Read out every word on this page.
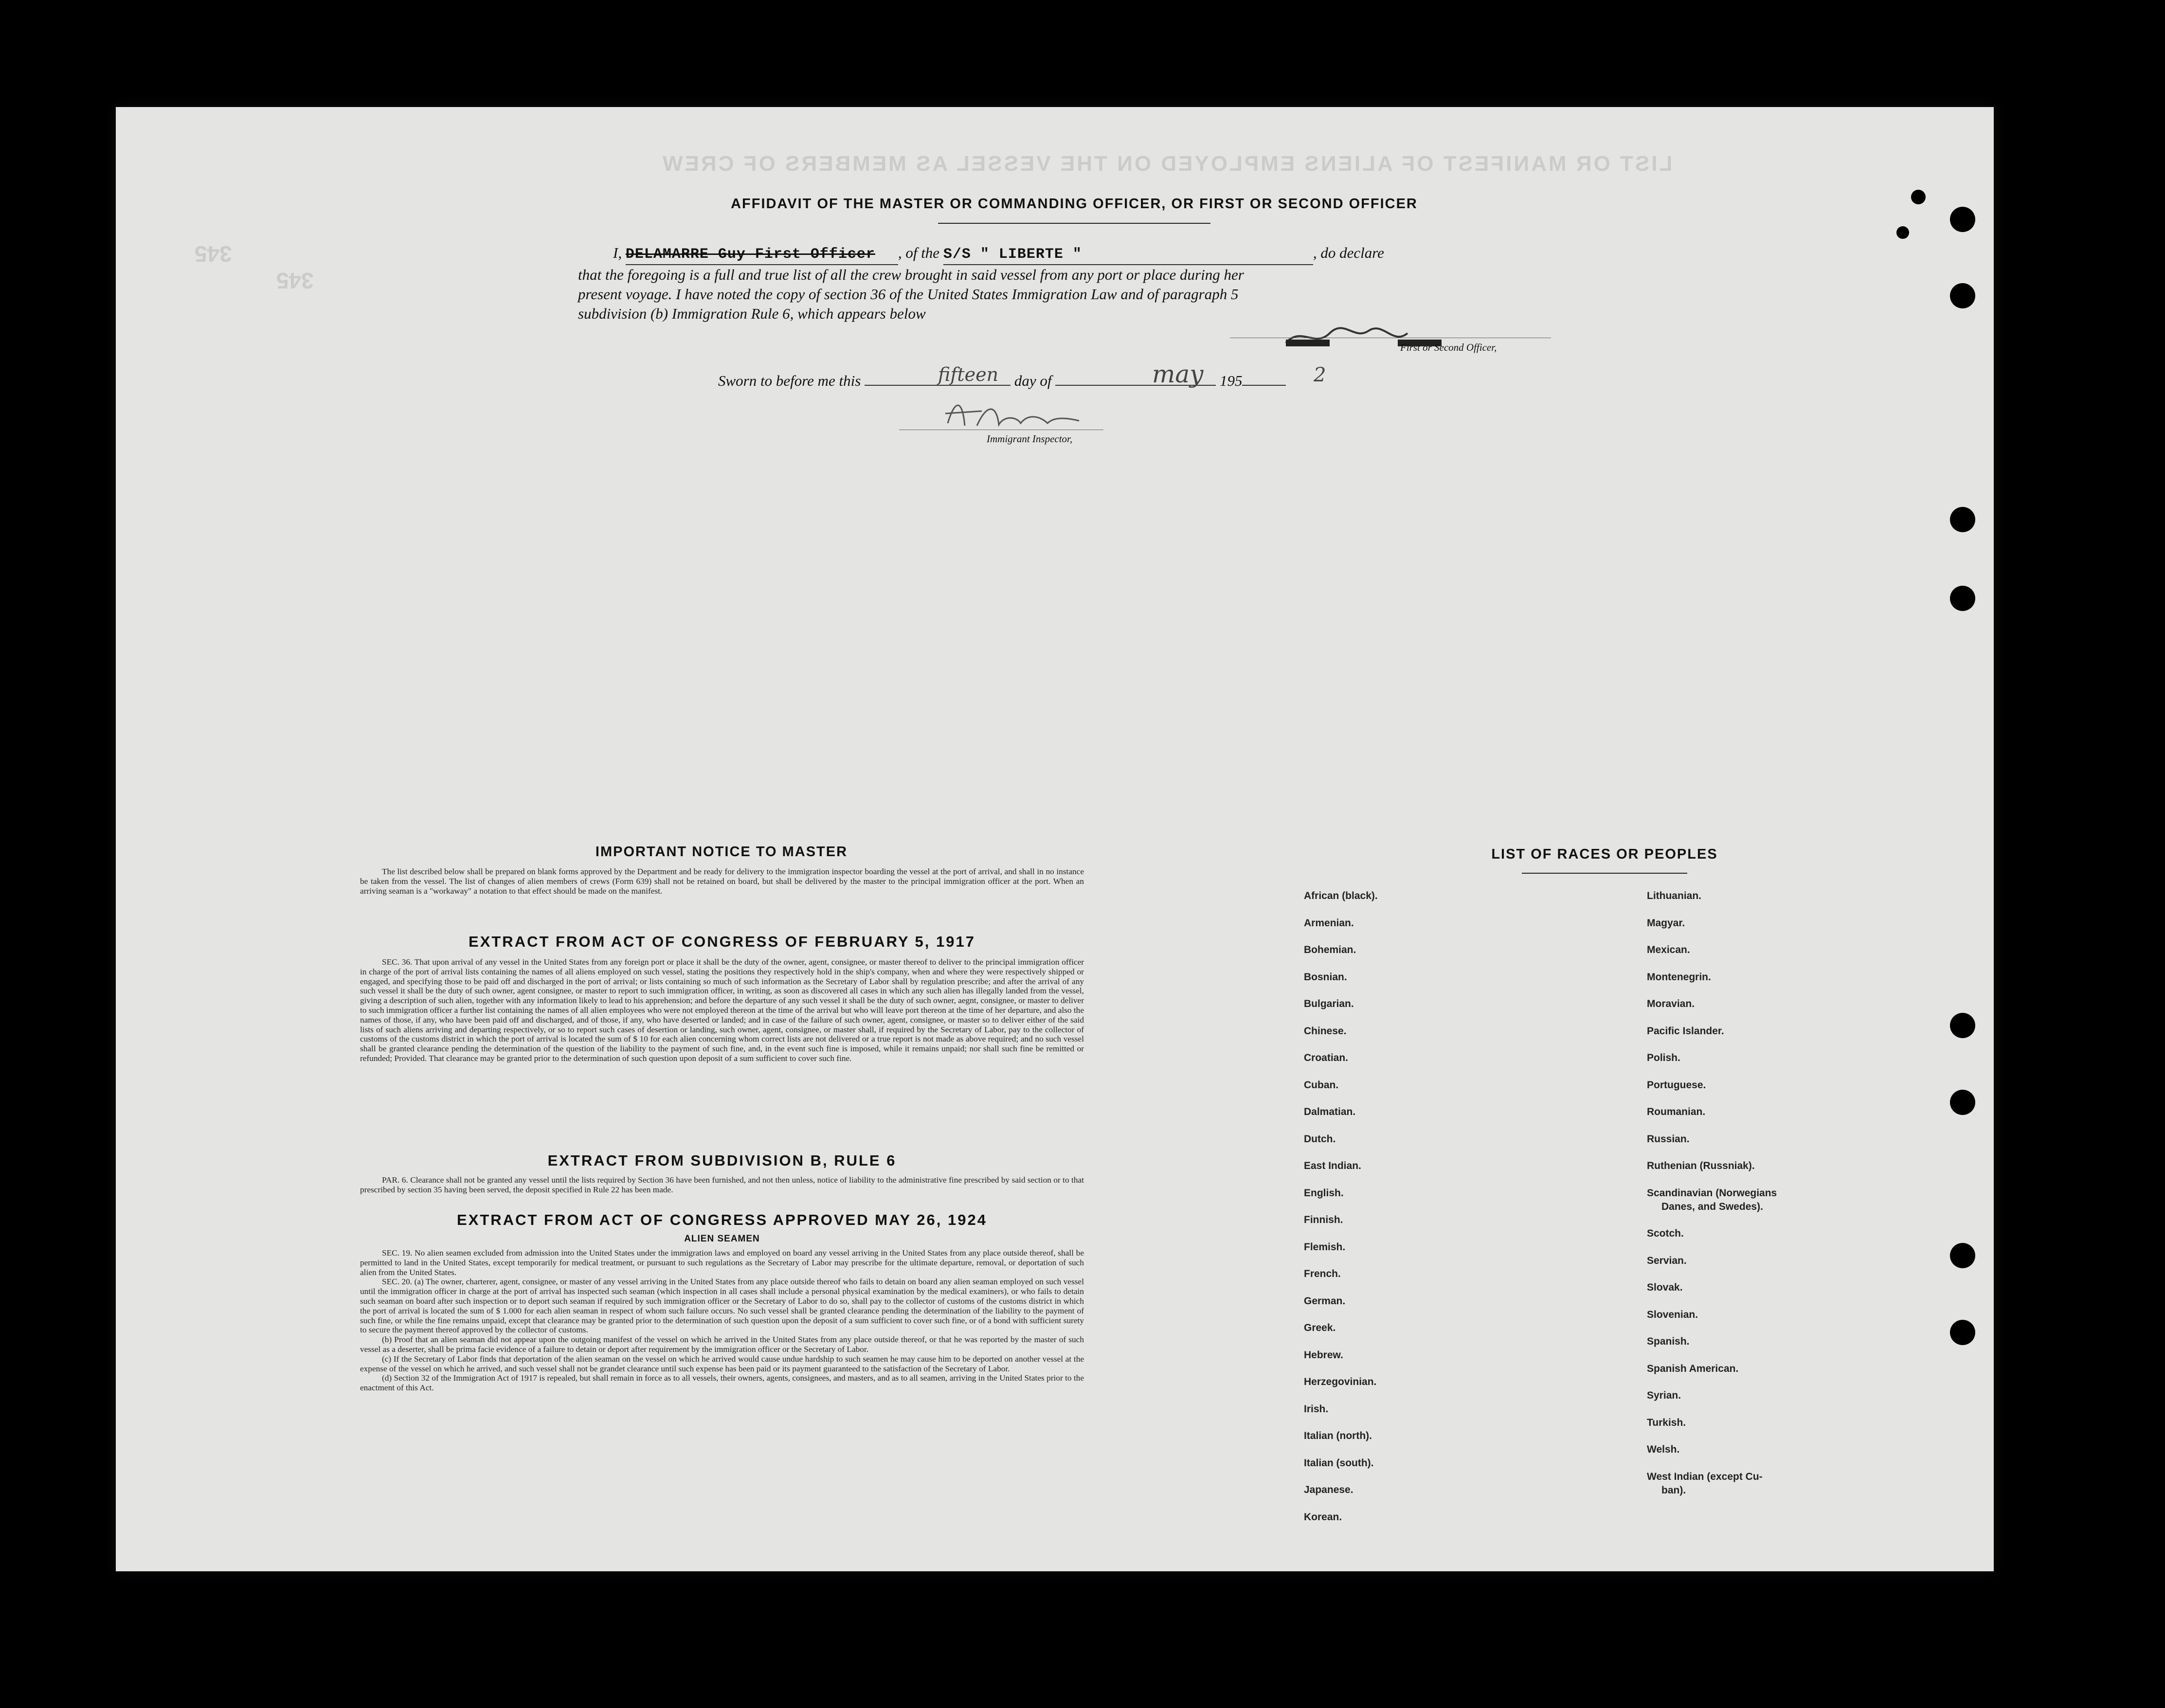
LIST OR MANIFEST OF ALIENS EMPLOYED ON THE VESSEL AS MEMBERS OF CREW
345
345
AFFIDAVIT OF THE MASTER OR COMMANDING OFFICER, OR FIRST OR SECOND OFFICER
I, DELAMARRE Guy First Officer , of the S/S " LIBERTE "	, do declare
that the foregoing is a full and true list of all the crew brought in said vessel from any port or place during her
present voyage. I have noted the copy of section 36 of the United States Immigration Law and of paragraph 5
subdivision (b) Immigration Rule 6, which appears below
First or Second Officer,
Sworn to before me this	day of	195
fifteen	may	2
Immigrant Inspector,
IMPORTANT NOTICE TO MASTER

The list described below shall be prepared on blank forms approved by the Department and be ready for delivery to the immigration inspector boarding the vessel at the port of arrival, and shall in no instance be taken from the vessel. The list of changes of alien members of crews (Form 639) shall not be retained on board, but shall be delivered by the master to the principal immigration officer at the port. When an arriving seaman is a "workaway" a notation to that effect should be made on the manifest.

EXTRACT FROM ACT OF CONGRESS OF FEBRUARY 5, 1917

SEC. 36. That upon arrival of any vessel in the United States from any foreign port or place it shall be the duty of the owner, agent, consignee, or master thereof to deliver to the principal immigration officer in charge of the port of arrival lists containing the names of all aliens employed on such vessel, stating the positions they respectively hold in the ship's company, when and where they were respectively shipped or engaged, and specifying those to be paid off and discharged in the port of arrival; or lists containing so much of such information as the Secretary of Labor shall by regulation prescribe; and after the arrival of any such vessel it shall be the duty of such owner, agent consignee, or master to report to such immigration officer, in writing, as soon as discovered all cases in which any such alien has illegally landed from the vessel, giving a description of such alien, together with any information likely to lead to his apprehension; and before the departure of any such vessel it shall be the duty of such owner, aegnt, consignee, or master to deliver to such immigration officer a further list containing the names of all alien employees who were not employed thereon at the time of the arrival but who will leave port thereon at the time of her departure, and also the names of those, if any, who have been paid off and discharged, and of those, if any, who have deserted or landed; and in case of the failure of such owner, agent, consignee, or master so to deliver either of the said lists of such aliens arriving and departing respectively, or so to report such cases of desertion or landing, such owner, agent, consignee, or master shall, if required by the Secretary of Labor, pay to the collector of customs of the customs district in which the port of arrival is located the sum of $ 10 for each alien concerning whom correct lists are not delivered or a true report is not made as above required; and no such vessel shall be granted clearance pending the determination of the question of the liability to the payment of such fine, and, in the event such fine is imposed, while it remains unpaid; nor shall such fine be remitted or refunded; Provided. That clearance may be granted prior to the determination of such question upon deposit of a sum sufficient to cover such fine.

EXTRACT FROM SUBDIVISION B, RULE 6

PAR. 6. Clearance shall not be granted any vessel until the lists required by Section 36 have been furnished, and not then unless, notice of liability to the administrative fine prescribed by said section or to that prescribed by section 35 having been served, the deposit specified in Rule 22 has been made.

EXTRACT FROM ACT OF CONGRESS APPROVED MAY 26, 1924
ALIEN SEAMEN

SEC. 19. No alien seamen excluded from admission into the United States under the immigration laws and employed on board any vessel arriving in the United States from any place outside thereof, shall be permitted to land in the United States, except temporarily for medical treatment, or pursuant to such regulations as the Secretary of Labor may prescribe for the ultimate departure, removal, or deportation of such alien from the United States.

SEC. 20. (a) The owner, charterer, agent, consignee, or master of any vessel arriving in the United States from any place outside thereof who fails to detain on board any alien seaman employed on such vessel until the immigration officer in charge at the port of arrival has inspected such seaman (which inspection in all cases shall include a personal physical examination by the medical examiners), or who fails to detain such seaman on board after such inspection or to deport such seaman if required by such immigration officer or the Secretary of Labor to do so, shall pay to the collector of customs of the customs district in which the port of arrival is located the sum of $ 1.000 for each alien seaman in respect of whom such failure occurs. No such vessel shall be granted clearance pending the determination of the liability to the payment of such fine, or while the fine remains unpaid, except that clearance may be granted prior to the determination of such question upon the deposit of a sum sufficient to cover such fine, or of a bond with sufficient surety to secure the payment thereof approved by the collector of customs.

(b) Proof that an alien seaman did not appear upon the outgoing manifest of the vessel on which he arrived in the United States from any place outside thereof, or that he was reported by the master of such vessel as a deserter, shall be prima facie evidence of a failure to detain or deport after requirement by the immigration officer or the Secretary of Labor.

(c) If the Secretary of Labor finds that deportation of the alien seaman on the vessel on which he arrived would cause undue hardship to such seamen he may cause him to be deported on another vessel at the expense of the vessel on which he arrived, and such vessel shall not be grandet clearance until such expense has been paid or its payment guaranteed to the satisfaction of the Secretary of Labor.

(d) Section 32 of the Immigration Act of 1917 is repealed, but shall remain in force as to all vessels, their owners, agents, consignees, and masters, and as to all seamen, arriving in the United States prior to the enactment of this Act.

LIST OF RACES OR PEOPLES
African (black).
Armenian.
Bohemian.
Bosnian.
Bulgarian.
Chinese.
Croatian.
Cuban.
Dalmatian.
Dutch.
East Indian.
English.
Finnish.
Flemish.
French.
German.
Greek.
Hebrew.
Herzegovinian.
Irish.
Italian (north).
Italian (south).
Japanese.
Korean.
Lithuanian.
Magyar.
Mexican.
Montenegrin.
Moravian.
Pacific Islander.
Polish.
Portuguese.
Roumanian.
Russian.
Ruthenian (Russniak).
Scandinavian (Norwegians
Danes, and Swedes).
Scotch.
Servian.
Slovak.
Slovenian.
Spanish.
Spanish American.
Syrian.
Turkish.
Welsh.
West Indian (except Cu-
ban).
